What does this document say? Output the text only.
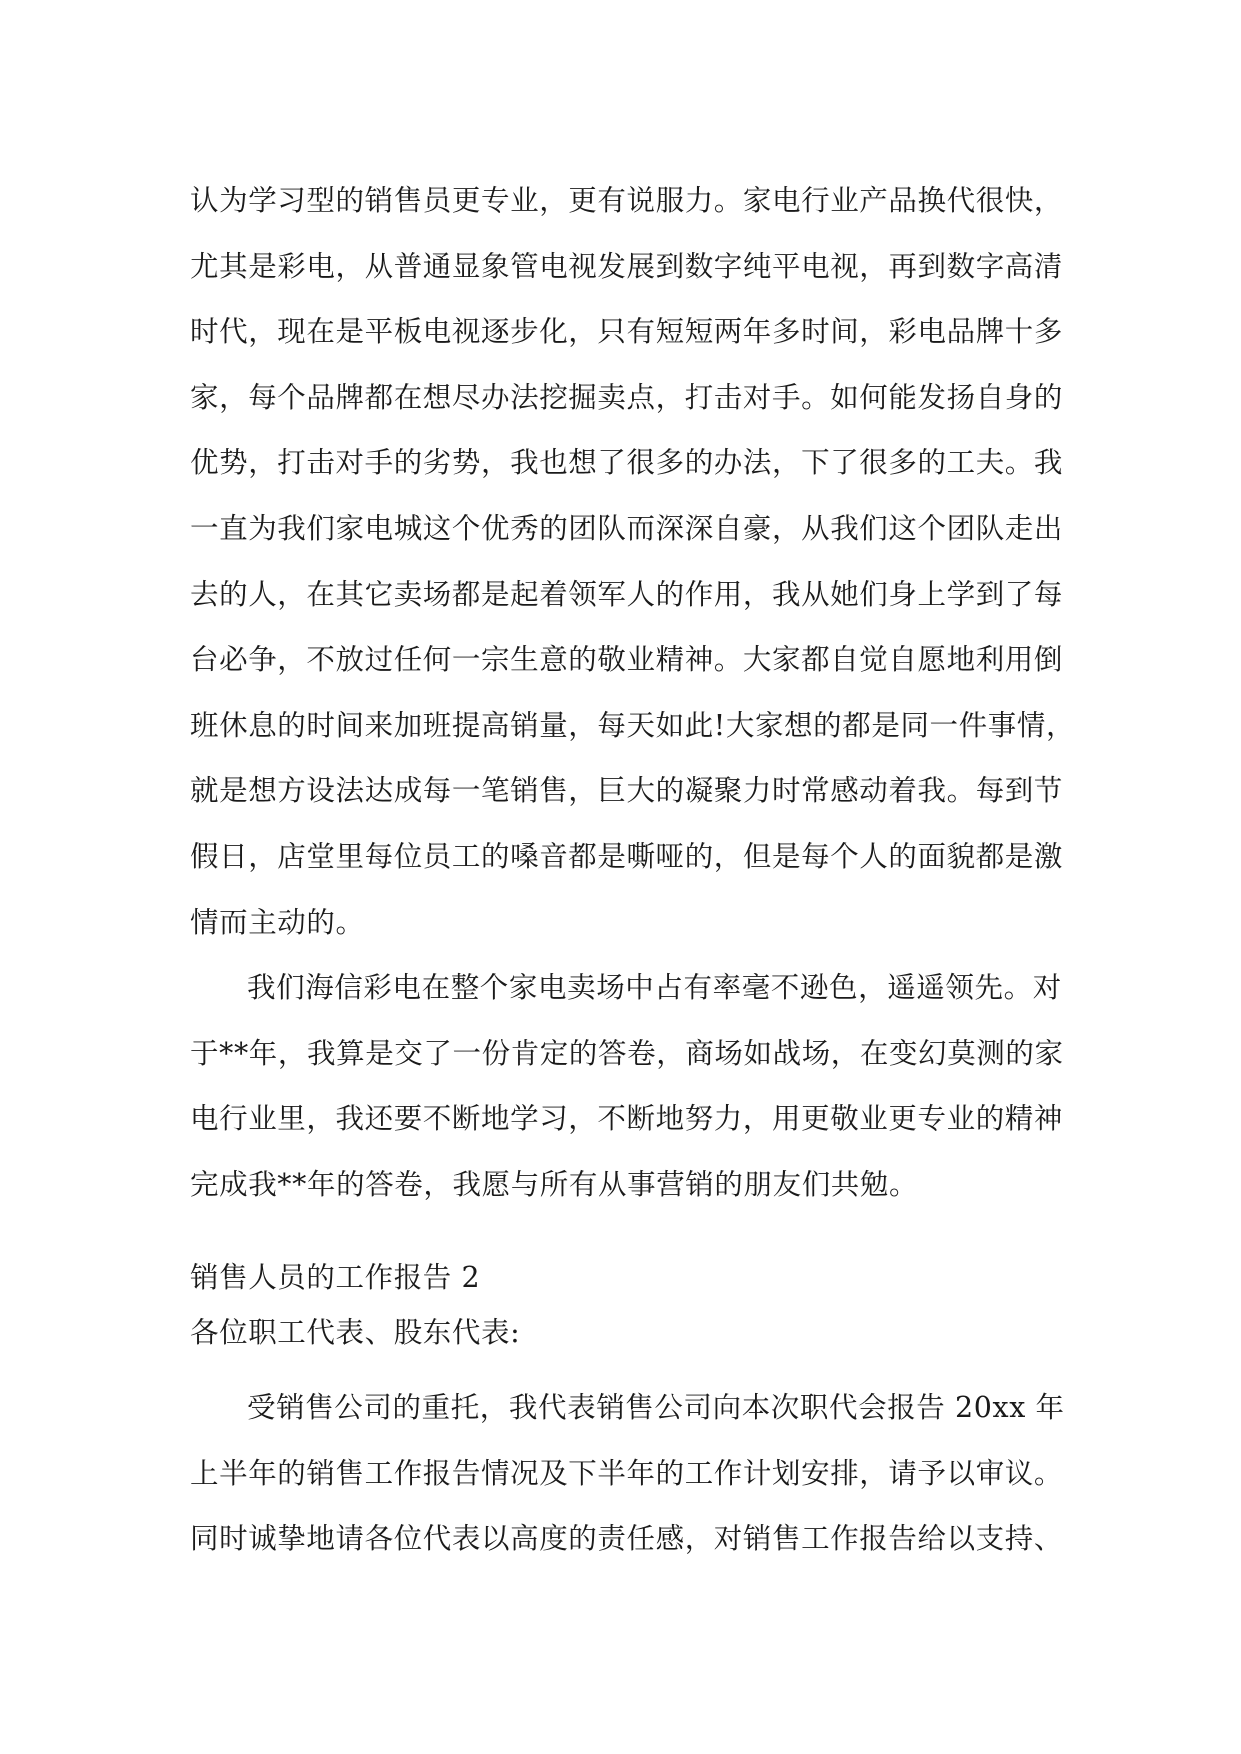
认为学习型的销售员更专业，更有说服力。家电行业产品换代很快，
尤其是彩电，从普通显象管电视发展到数字纯平电视，再到数字高清
时代，现在是平板电视逐步化，只有短短两年多时间，彩电品牌十多
家，每个品牌都在想尽办法挖掘卖点，打击对手。如何能发扬自身的
优势，打击对手的劣势，我也想了很多的办法，下了很多的工夫。我
一直为我们家电城这个优秀的团队而深深自豪，从我们这个团队走出
去的人，在其它卖场都是起着领军人的作用，我从她们身上学到了每
台必争，不放过任何一宗生意的敬业精神。大家都自觉自愿地利用倒
班休息的时间来加班提高销量，每天如此!大家想的都是同一件事情，
就是想方设法达成每一笔销售，巨大的凝聚力时常感动着我。每到节
假日，店堂里每位员工的嗓音都是嘶哑的，但是每个人的面貌都是激
情而主动的。
我们海信彩电在整个家电卖场中占有率毫不逊色，遥遥领先。对
于**年，我算是交了一份肯定的答卷，商场如战场，在变幻莫测的家
电行业里，我还要不断地学习，不断地努力，用更敬业更专业的精神
完成我**年的答卷，我愿与所有从事营销的朋友们共勉。
销售人员的工作报告 2
各位职工代表、股东代表:
受销售公司的重托，我代表销售公司向本次职代会报告 20xx 年
上半年的销售工作报告情况及下半年的工作计划安排，请予以审议。
同时诚挚地请各位代表以高度的责任感，对销售工作报告给以支持、
